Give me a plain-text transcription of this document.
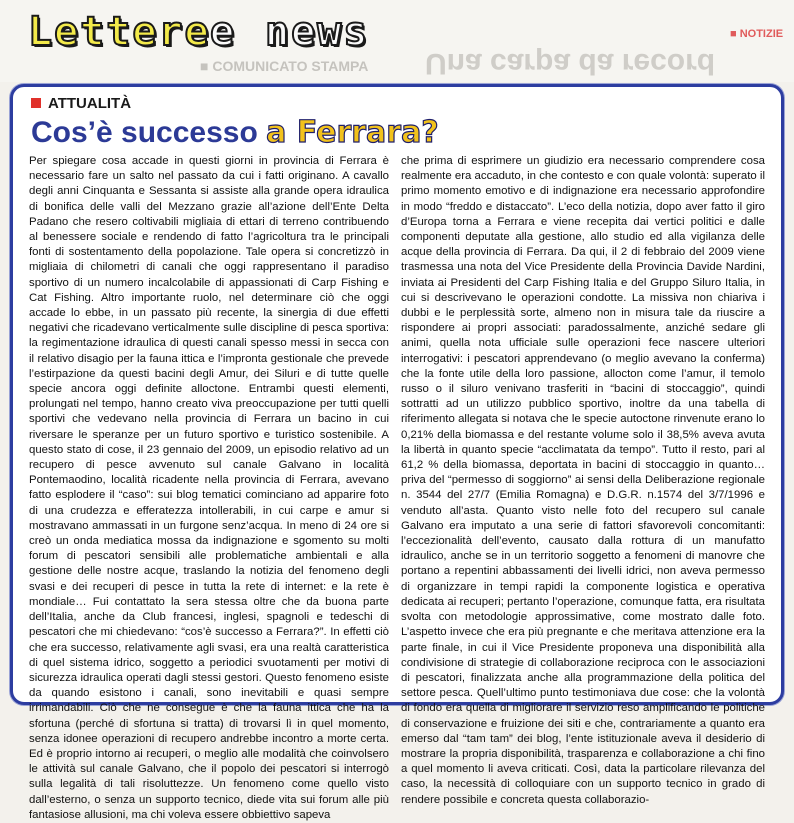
Lettere e news	■ NOTIZIE
Una carpa da record
■ COMUNICATO STAMPA
ATTUALITÀ
Cos’è successo a Ferrara?

Per spiegare cosa accade in questi giorni in provincia di Ferrara è necessario fare un salto nel passato da cui i fatti originano. A cavallo degli anni Cinquanta e Sessanta si assiste alla grande opera idraulica di bonifica delle valli del Mezzano grazie all’azione dell’Ente Delta Padano che resero coltivabili migliaia di ettari di terreno contribuendo al benessere sociale e rendendo di fatto l’agricoltura tra le principali fonti di sostentamento della popolazione. Tale opera si concretizzò in migliaia di chilometri di canali che oggi rappresentano il paradiso sportivo di un numero incalcolabile di appassionati di Carp Fishing e Cat Fishing. Altro importante ruolo, nel determinare ciò che oggi accade lo ebbe, in un passato più recente, la sinergia di due effetti negativi che ricadevano verticalmente sulle discipline di pesca sportiva: la regimentazione idraulica di questi canali spesso messi in secca con il relativo disagio per la fauna ittica e l’impronta gestionale che prevede l’estirpazione da questi bacini degli Amur, dei Siluri e di tutte quelle specie ancora oggi definite alloctone. Entrambi questi elementi, prolungati nel tempo, hanno creato viva preoccupazione per tutti quelli sportivi che vedevano nella provincia di Ferrara un bacino in cui riversare le speranze per un futuro sportivo e turistico sostenibile. A questo stato di cose, il 23 gennaio del 2009, un episodio relativo ad un recupero di pesce avvenuto sul canale Galvano in località Pontemaodino, località ricadente nella provincia di Ferrara, avevano fatto esplodere il “caso”: sui blog tematici cominciano ad apparire foto di una crudezza e efferatezza intollerabili, in cui carpe e amur si mostravano ammassati in un furgone senz’acqua. In meno di 24 ore si creò un onda mediatica mossa da indignazione e sgomento su molti forum di pescatori sensibili alle problematiche ambientali e alla gestione delle nostre acque, traslando la notizia del fenomeno degli svasi e dei recuperi di pesce in tutta la rete di internet: e la rete è mondiale… Fui contattato la sera stessa oltre che da buona parte dell’Italia, anche da Club francesi, inglesi, spagnoli e tedeschi di pescatori che mi chiedevano: “cos’è successo a Ferrara?”. In effetti ciò che era successo, relativamente agli svasi, era una realtà caratteristica di quel sistema idrico, soggetto a periodici svuotamenti per motivi di sicurezza idraulica operati dagli stessi gestori. Questo fenomeno esiste da quando esistono i canali, sono inevitabili e quasi sempre irrimandabili. Ciò che ne consegue è che la fauna ittica che ha la sfortuna (perché di sfortuna si tratta) di trovarsi lì in quel momento, senza idonee operazioni di recupero andrebbe incontro a morte certa. Ed è proprio intorno ai recuperi, o meglio alle modalità che coinvolsero le attività sul canale Galvano, che il popolo dei pescatori si interrogò sulla legalità di tali risoluttezze. Un fenomeno come quello visto dall’esterno, o senza un supporto tecnico, diede vita sui forum alle più fantasiose allusioni, ma chi voleva essere obbiettivo sapeva

che prima di esprimere un giudizio era necessario comprendere cosa realmente era accaduto, in che contesto e con quale volontà: superato il primo momento emotivo e di indignazione era necessario approfondire in modo “freddo e distaccato”. L’eco della notizia, dopo aver fatto il giro d’Europa torna a Ferrara e viene recepita dai vertici politici e dalle componenti deputate alla gestione, allo studio ed alla vigilanza delle acque della provincia di Ferrara. Da qui, il 2 di febbraio del 2009 viene trasmessa una nota del Vice Presidente della Provincia Davide Nardini, inviata ai Presidenti del Carp Fishing Italia e del Gruppo Siluro Italia, in cui si descrivevano le operazioni condotte. La missiva non chiariva i dubbi e le perplessità sorte, almeno non in misura tale da riuscire a rispondere ai propri associati: paradossalmente, anziché sedare gli animi, quella nota ufficiale sulle operazioni fece nascere ulteriori interrogativi: i pescatori apprendevano (o meglio avevano la conferma) che la fonte utile della loro passione, allocton come l’amur, il temolo russo o il siluro venivano trasferiti in “bacini di stoccaggio”, quindi sottratti ad un utilizzo pubblico sportivo, inoltre da una tabella di riferimento allegata si notava che le specie autoctone rinvenute erano lo 0,21% della biomassa e del restante volume solo il 38,5% aveva avuta la libertà in quanto specie “acclimatata da tempo”. Tutto il resto, pari al 61,2 % della biomassa, deportata in bacini di stoccaggio in quanto… priva del “permesso di soggiorno” ai sensi della Deliberazione regionale n. 3544 del 27/7 (Emilia Romagna) e D.G.R. n.1574 del 3/7/1996 e venduto all’asta. Quanto visto nelle foto del recupero sul canale Galvano era imputato a una serie di fattori sfavorevoli concomitanti: l’eccezionalità dell’evento, causato dalla rottura di un manufatto idraulico, anche se in un territorio soggetto a fenomeni di manovre che portano a repentini abbassamenti dei livelli idrici, non aveva permesso di organizzare in tempi rapidi la componente logistica e operativa dedicata ai recuperi; pertanto l’operazione, comunque fatta, era risultata svolta con metodologie approssimative, come mostrato dalle foto. L’aspetto invece che era più pregnante e che meritava attenzione era la parte finale, in cui il Vice Presidente proponeva una disponibilità alla condivisione di strategie di collaborazione reciproca con le associazioni di pescatori, finalizzata anche alla programmazione della politica del settore pesca. Quell’ultimo punto testimoniava due cose: che la volontà di fondo era quella di migliorare il servizio reso amplificando le politiche di conservazione e fruizione dei siti e che, contrariamente a quanto era emerso dal “tam tam” dei blog, l’ente istituzionale aveva il desiderio di mostrare la propria disponibilità, trasparenza e collaborazione a chi fino a quel momento li aveva criticati. Così, data la particolare rilevanza del caso, la necessità di colloquiare con un supporto tecnico in grado di rendere possibile e concreta questa collaborazio-
